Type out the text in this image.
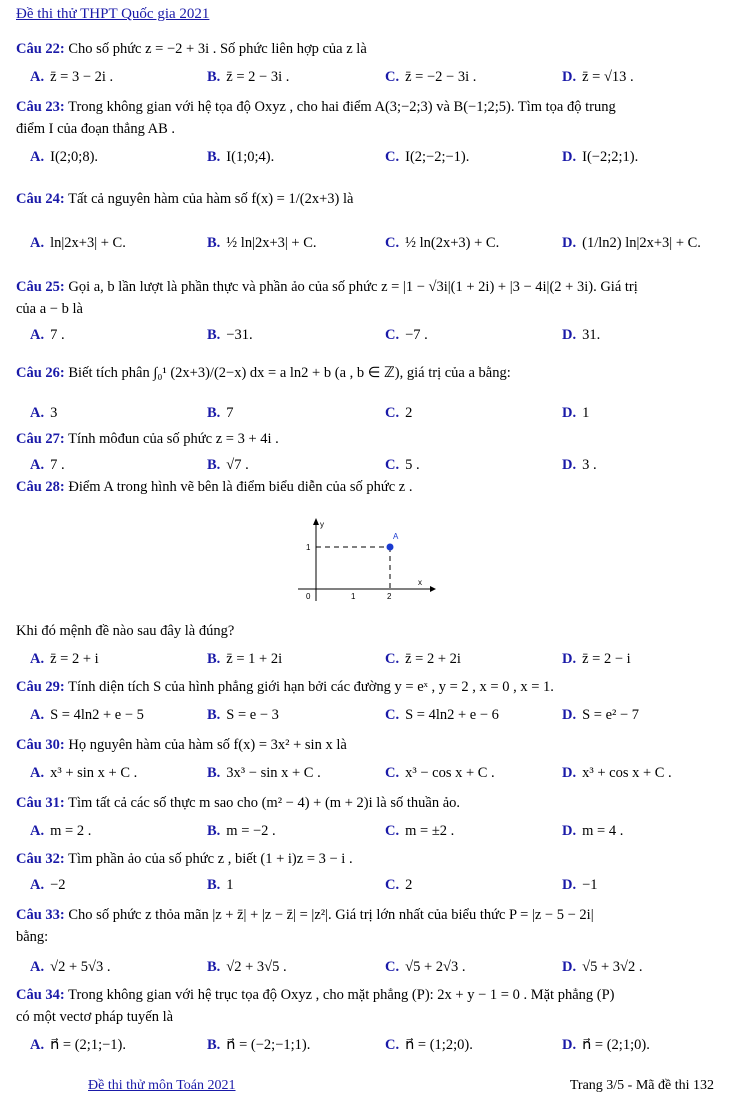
Đề thi thử THPT Quốc gia 2021
Câu 22: Cho số phức z = −2 + 3i . Số phức liên hợp của z là
A. z̄ = 3 − 2i .	B. z̄ = 2 − 3i .	C. z̄ = −2 − 3i .	D. z̄ = √13 .
Câu 23: Trong không gian với hệ tọa độ Oxyz , cho hai điểm A(3;−2;3) và B(−1;2;5). Tìm tọa độ trung
điểm I của đoạn thẳng AB .
A. I(2;0;8).	B. I(1;0;4).	C. I(2;−2;−1).	D. I(−2;2;1).
Câu 24: Tất cả nguyên hàm của hàm số f(x) = 1/(2x+3) là
A. ln|2x+3| + C.	B. ½ ln|2x+3| + C.	C. ½ ln(2x+3) + C.	D. (1/ln2) ln|2x+3| + C.
Câu 25: Gọi a, b lần lượt là phần thực và phần ảo của số phức z = |1 − √3i|(1 + 2i) + |3 − 4i|(2 + 3i). Giá trị
của a − b là
A. 7 .	B. −31.	C. −7 .	D. 31.
Câu 26: Biết tích phân ∫₀¹ (2x+3)/(2−x) dx = a ln2 + b (a , b ∈ ℤ), giá trị của a bằng:
A. 3	B. 7	C. 2	D. 1
Câu 27: Tính môđun của số phức z = 3 + 4i .
A. 7 .	B. √7 .	C. 5 .	D. 3 .
Câu 28: Điểm A trong hình vẽ bên là điểm biểu diễn của số phức z .
y
x
A
1
0	1	2
Khi đó mệnh đề nào sau đây là đúng?
A. z̄ = 2 + i	B. z̄ = 1 + 2i	C. z̄ = 2 + 2i	D. z̄ = 2 − i
Câu 29: Tính diện tích S của hình phẳng giới hạn bởi các đường y = eˣ , y = 2 , x = 0 , x = 1.
A. S = 4ln2 + e − 5	B. S = e − 3	C. S = 4ln2 + e − 6	D. S = e² − 7
Câu 30: Họ nguyên hàm của hàm số f(x) = 3x² + sin x là
A. x³ + sin x + C .	B. 3x³ − sin x + C .	C. x³ − cos x + C .	D. x³ + cos x + C .
Câu 31: Tìm tất cả các số thực m sao cho (m² − 4) + (m + 2)i là số thuần ảo.
A. m = 2 .	B. m = −2 .	C. m = ±2 .	D. m = 4 .
Câu 32: Tìm phần ảo của số phức z , biết (1 + i)z = 3 − i .
A. −2	B. 1	C. 2	D. −1
Câu 33: Cho số phức z thỏa mãn |z + z̄| + |z − z̄| = |z²|. Giá trị lớn nhất của biểu thức P = |z − 5 − 2i|
bằng:
A. √2 + 5√3 .	B. √2 + 3√5 .	C. √5 + 2√3 .	D. √5 + 3√2 .
Câu 34: Trong không gian với hệ trục tọa độ Oxyz , cho mặt phẳng (P): 2x + y − 1 = 0 . Mặt phẳng (P)
có một vectơ pháp tuyến là
A. n⃗ = (2;1;−1).	B. n⃗ = (−2;−1;1).	C. n⃗ = (1;2;0).	D. n⃗ = (2;1;0).
Đề thi thử môn Toán 2021	Trang 3/5 - Mã đề thi 132
